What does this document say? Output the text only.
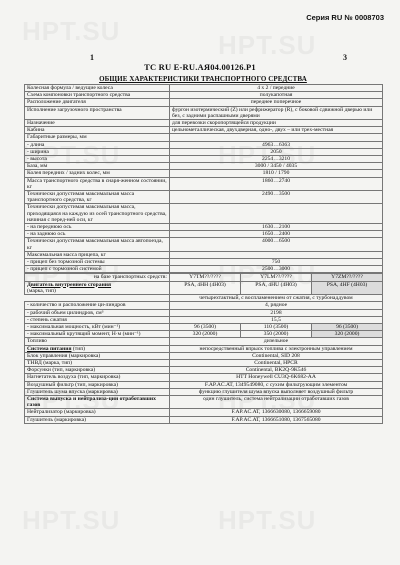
Серия RU № 0008703
1	3
ТС RU Е-RU.АЯ04.00126.Р1
ОБЩИЕ ХАРАКТЕРИСТИКИ ТРАНСПОРТНОГО СРЕДСТВА
Колесная формула / ведущие колеса	4 х 2 / передние		
Схема компоновки транспортного средства	полукапотная		
Расположение двигателя	переднее поперечное		
Исполнение загрузочного пространства	фургон изотермический (Z) или рефрижератор (R), с боковой сдвижной дверью или без, с задними распашными дверями		
Назначение	для перевозки скоропортящейся продукции		
Кабина	цельнометаллическая, двухдверная, одно-, двух – или трех-местная		
Габаритные размеры, мм			
- длина	4963…6363		
- ширина	2050		
- высота	2254…3210		
База, мм	3000 / 3450 / 4035		
Колея передних / задних колес, мм	1810 / 1790		
Масса транспортного средства в снаря-женном состоянии, кг	1860…2740		
Технически допустимая максимальная масса транспортного средства, кг	2490…3500		
Технически допустимая максимальная масса, приходящаяся на каждую из осей транспортного средства, начиная с перед-ней оси, кг			
- на переднюю ось	1630…2100		
- на заднюю ось	1650…2400		
Технически допустимая максимальная масса автопоезда, кг	4000…6500		
Максимальная масса прицепа, кг			
- прицеп без тормозной системы	750		
- прицеп с тормозной системой	2500…3000		

на базе транспортных средств:	Y7TM??/????	Y7LM??/????	Y7ZM??/????
Двигатель внутреннего сгорания
(марка, тип)	PSA, 4HH (4H03)	PSA, 4HU (4H03)	PSA, 4HF (4H03)
	четырехтактный, с воспламенением от сжатия, с турбонаддувом		
- количество и расположение ци-линдров	4, рядное		
- рабочий объем цилиндров, см³	2198		
- степень сжатия	15,5		
- максимальная мощность, кВт (мин⁻¹)	96 (3500)	110 (3500)	96 (3500)
- максимальный крутящий момент, Н·м (мин⁻¹)	320 (2000)	350 (2000)	320 (2000)
Топливо	дизельное		
Система питания (тип)	непосредственный впрыск топлива с электронным управлением		
Блок управления (маркировка)	Continental, SID 208		
ТНВД (марка, тип)	Continental, HPCR		
Форсунки (тип, маркировка)	Continental, BK2Q-9K546		
Нагнетатель воздуха (тип, маркировка)	HTT Honeywell CU3Q-6K682-AA		
Воздушный фильтр (тип, маркировка)	F.AP.AC.AT, 1349549080, с сухим фильтрующим элементом		
Глушитель шума впуска (маркировка)	функцию глушителя шума впуска выполняет воздушный фильтр		
Система выпуска и нейтрализа-ции отработавших газов	один глушитель, система нейтрализации отработавших газов		
Нейтрализатор (маркировка)	F.AP.AC.AT, 1366630080, 1366659080		
Глушитель (маркировка)	F.AP.AC.AT, 1366651080, 1367565080		
